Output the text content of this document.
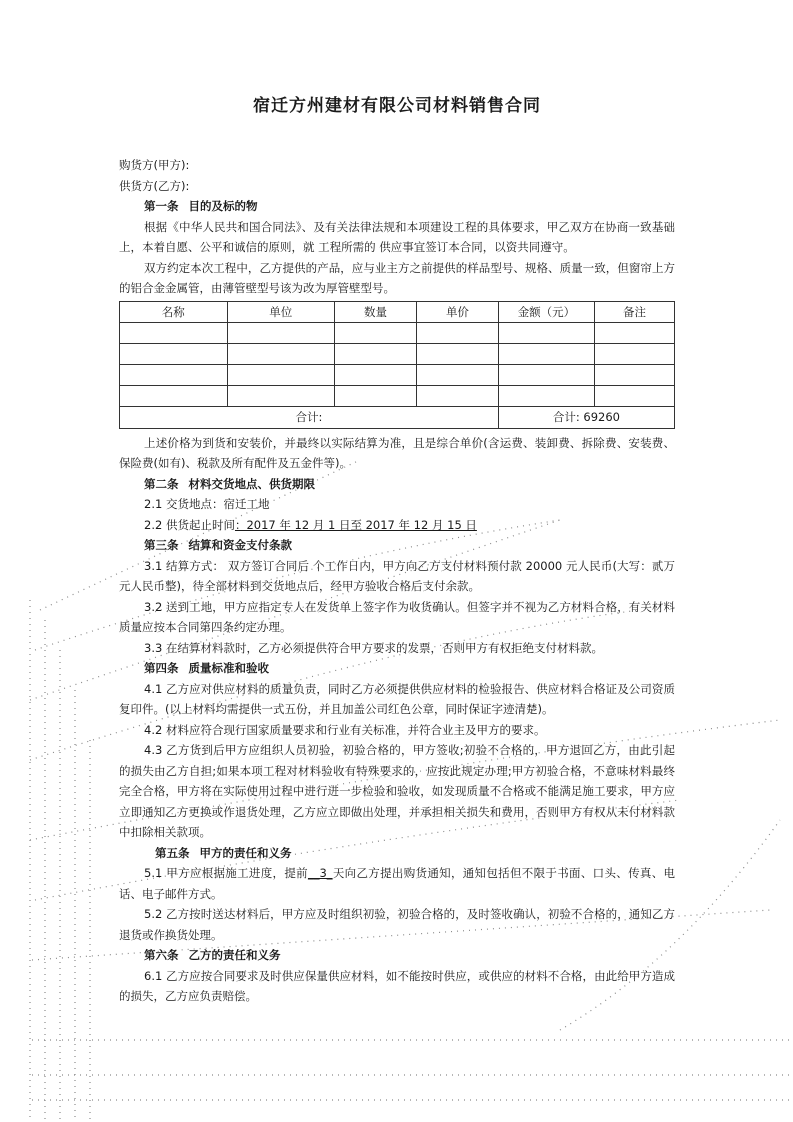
宿迁方州建材有限公司材料销售合同

购货方(甲方):

供货方(乙方):

第一条 目的及标的物

根据《中华人民共和国合同法》、及有关法律法规和本项建设工程的具体要求，甲乙双方在协商一致基础上，本着自愿、公平和诚信的原则，就 工程所需的 供应事宜签订本合同，以资共同遵守。

双方约定本次工程中，乙方提供的产品，应与业主方之前提供的样品型号、规格、质量一致，但窗帘上方的铝合金金属管，由薄管壁型号该为改为厚管壁型号。

名称	单位	数量	单价	金额（元）	备注

合计:				合计: 69260	

上述价格为到货和安装价，并最终以实际结算为准，且是综合单价(含运费、装卸费、拆除费、安装费、保险费(如有)、税款及所有配件及五金件等)。

第二条 材料交货地点、供货期限

2.1 交货地点：宿迁工地

2.2 供货起止时间：2017 年 12 月 1 日至 2017 年 12 月 15 日

第三条 结算和资金支付条款

3.1 结算方式： 双方签订合同后 个工作日内，甲方向乙方支付材料预付款 20000 元人民币(大写：贰万元人民币整)，待全部材料到交货地点后，经甲方验收合格后支付余款。

3.2 送到工地，甲方应指定专人在发货单上签字作为收货确认。但签字并不视为乙方材料合格，有关材料质量应按本合同第四条约定办理。

3.3 在结算材料款时，乙方必须提供符合甲方要求的发票，否则甲方有权拒绝支付材料款。

第四条 质量标准和验收

4.1 乙方应对供应材料的质量负责，同时乙方必须提供供应材料的检验报告、供应材料合格证及公司资质复印件。(以上材料均需提供一式五份，并且加盖公司红色公章，同时保证字迹清楚)。

4.2 材料应符合现行国家质量要求和行业有关标准，并符合业主及甲方的要求。

4.3 乙方货到后甲方应组织人员初验，初验合格的，甲方签收;初验不合格的，甲方退回乙方，由此引起的损失由乙方自担;如果本项工程对材料验收有特殊要求的，应按此规定办理;甲方初验合格，不意味材料最终完全合格，甲方将在实际使用过程中进行进一步检验和验收，如发现质量不合格或不能满足施工要求，甲方应立即通知乙方更换或作退货处理，乙方应立即做出处理，并承担相关损失和费用，否则甲方有权从未付材料款中扣除相关款项。

第五条 甲方的责任和义务

5.1 甲方应根据施工进度，提前__3_天向乙方提出购货通知，通知包括但不限于书面、口头、传真、电话、电子邮件方式。

5.2 乙方按时送达材料后，甲方应及时组织初验，初验合格的，及时签收确认，初验不合格的，通知乙方退货或作换货处理。

第六条 乙方的责任和义务

6.1 乙方应按合同要求及时供应保量供应材料，如不能按时供应，或供应的材料不合格，由此给甲方造成的损失，乙方应负责赔偿。
